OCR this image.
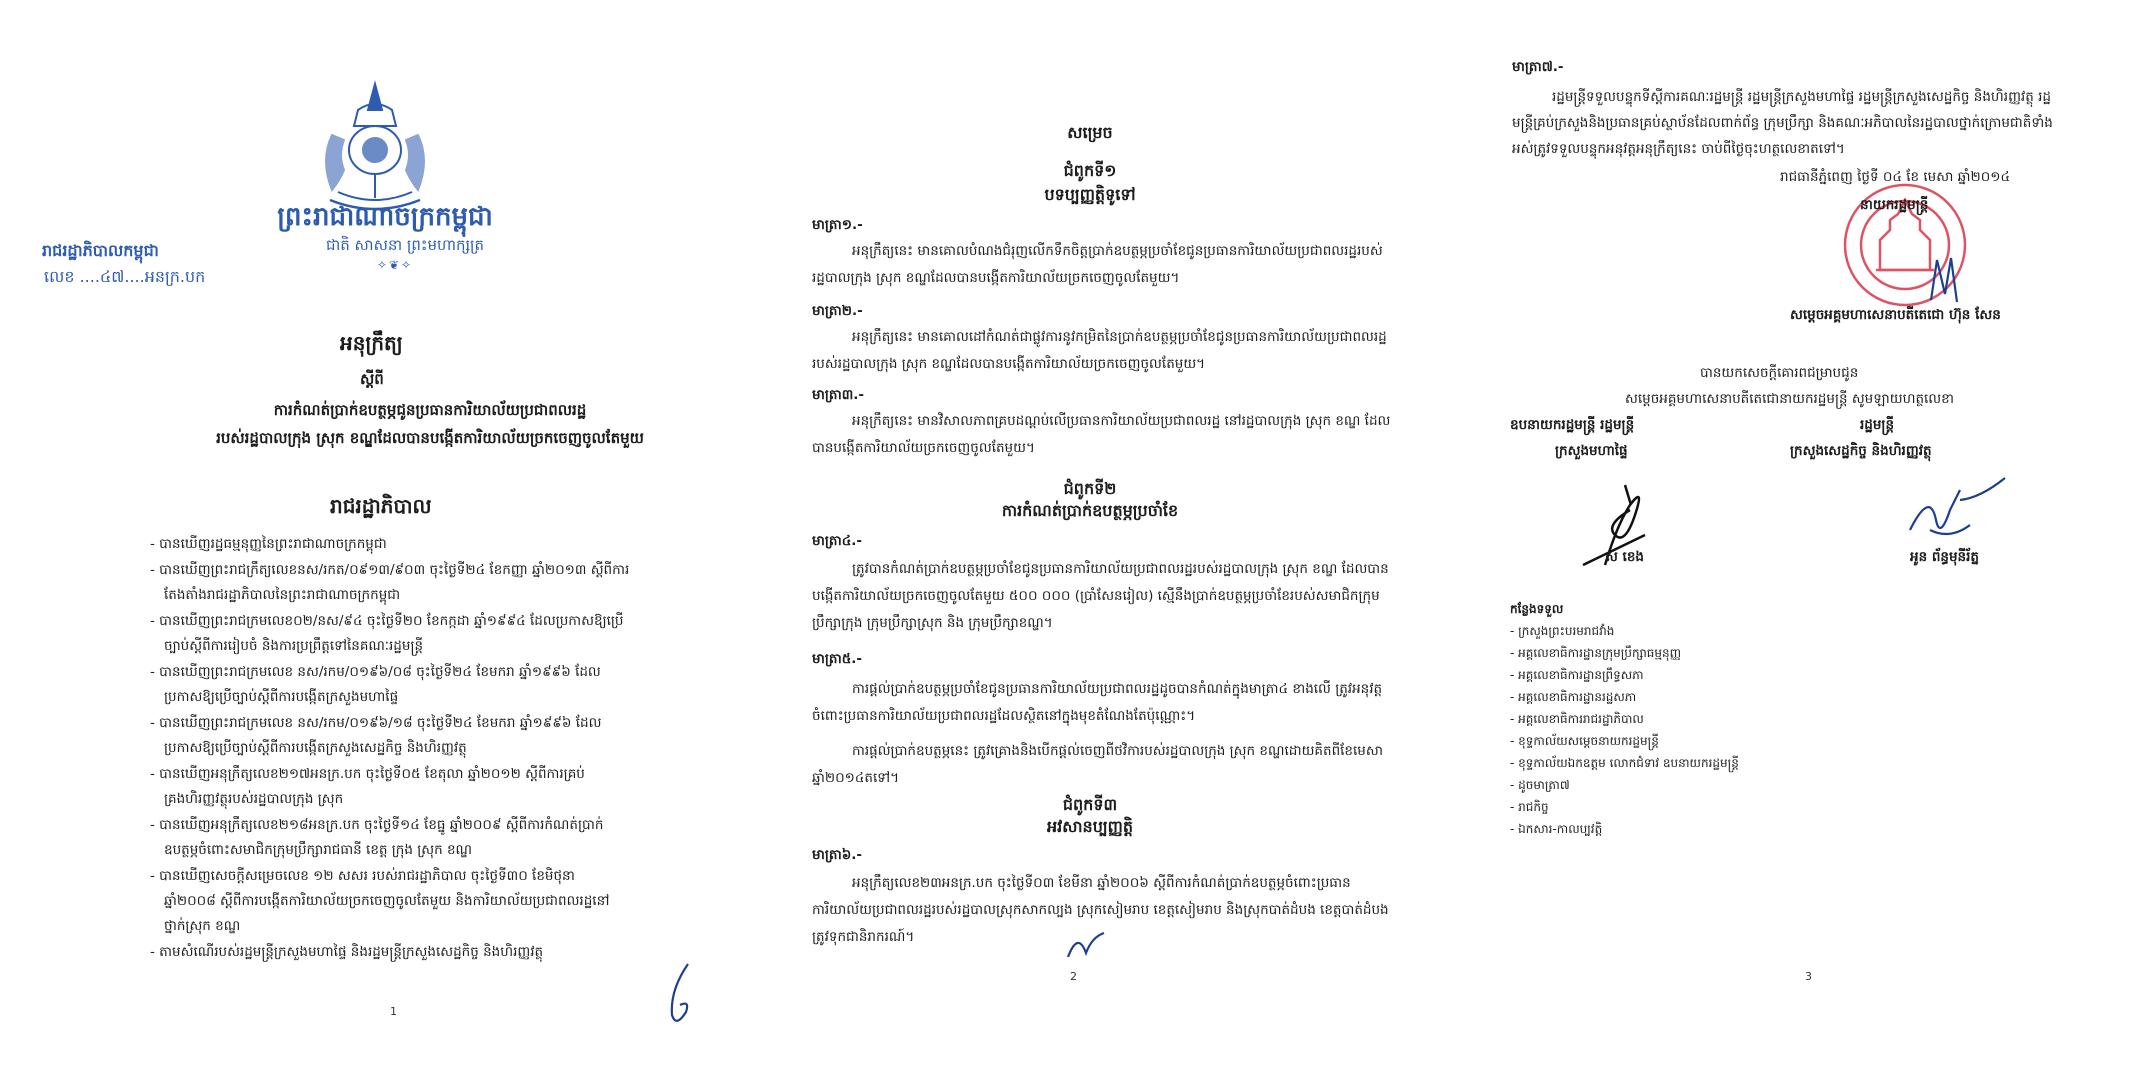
ព្រះរាជាណាចក្រកម្ពុជា
ជាតិ សាសនា ព្រះមហាក្សត្រ
✧❦✧
រាជរដ្ឋាភិបាលកម្ពុជា
លេខ ....៤៧....អនក្រ.បក
អនុក្រឹត្យ
ស្តីពី
ការកំណត់ប្រាក់ឧបត្ថម្ភជូនប្រធានការិយាល័យប្រជាពលរដ្ឋ
របស់រដ្ឋបាលក្រុង ស្រុក ខណ្ឌដែលបានបង្កើតការិយាល័យច្រកចេញចូលតែមួយ
រាជរដ្ឋាភិបាល
- បានឃើញរដ្ឋធម្មនុញ្ញនៃព្រះរាជាណាចក្រកម្ពុជា
- បានឃើញព្រះរាជក្រឹត្យលេខនស/រកត/០៩១៣/៩០៣ ចុះថ្ងៃទី២៤ ខែកញ្ញា ឆ្នាំ២០១៣ ស្តីពីការតែងតាំងរាជរដ្ឋាភិបាលនៃព្រះរាជាណាចក្រកម្ពុជា
- បានឃើញព្រះរាជក្រមលេខ០២/នស/៩៤ ចុះថ្ងៃទី២០ ខែកក្កដា ឆ្នាំ១៩៩៤ ដែលប្រកាសឱ្យប្រើច្បាប់ស្តីពីការរៀបចំ និងការប្រព្រឹត្តទៅនៃគណៈរដ្ឋមន្ត្រី
- បានឃើញព្រះរាជក្រមលេខ នស/រកម/០១៩៦/០៨ ចុះថ្ងៃទី២៤ ខែមករា ឆ្នាំ១៩៩៦ ដែលប្រកាសឱ្យប្រើច្បាប់ស្តីពីការបង្កើតក្រសួងមហាផ្ទៃ
- បានឃើញព្រះរាជក្រមលេខ នស/រកម/០១៩៦/១៨ ចុះថ្ងៃទី២៤ ខែមករា ឆ្នាំ១៩៩៦ ដែលប្រកាសឱ្យប្រើច្បាប់ស្តីពីការបង្កើតក្រសួងសេដ្ឋកិច្ច និងហិរញ្ញវត្ថុ
- បានឃើញអនុក្រឹត្យលេខ២១៧អនក្រ.បក ចុះថ្ងៃទី០៥ ខែតុលា ឆ្នាំ២០១២ ស្តីពីការគ្រប់គ្រងហិរញ្ញវត្ថុរបស់រដ្ឋបាលក្រុង ស្រុក
- បានឃើញអនុក្រឹត្យលេខ២១៨អនក្រ.បក ចុះថ្ងៃទី១៤ ខែធ្នូ ឆ្នាំ២០០៩ ស្តីពីការកំណត់ប្រាក់ឧបត្ថម្ភចំពោះសមាជិកក្រុមប្រឹក្សារាជធានី ខេត្ត ក្រុង ស្រុក ខណ្ឌ
- បានឃើញសេចក្តីសម្រេចលេខ ១២ សសរ របស់រាជរដ្ឋាភិបាល ចុះថ្ងៃទី៣០ ខែមិថុនា ឆ្នាំ២០០៨ ស្តីពីការបង្កើតការិយាល័យច្រកចេញចូលតែមួយ និងការិយាល័យប្រជាពលរដ្ឋនៅថ្នាក់ស្រុក ខណ្ឌ
- តាមសំណើរបស់រដ្ឋមន្ត្រីក្រសួងមហាផ្ទៃ និងរដ្ឋមន្ត្រីក្រសួងសេដ្ឋកិច្ច និងហិរញ្ញវត្ថុ
1
សម្រេច
ជំពូកទី១
បទប្បញ្ញត្តិទូទៅ
មាត្រា១.-
អនុក្រឹត្យនេះ មានគោលបំណងជំរុញលើកទឹកចិត្តប្រាក់ឧបត្ថម្ភប្រចាំខែជូនប្រធានការិយាល័យប្រជាពលរដ្ឋរបស់រដ្ឋបាលក្រុង ស្រុក ខណ្ឌដែលបានបង្កើតការិយាល័យច្រកចេញចូលតែមួយ។
មាត្រា២.-
អនុក្រឹត្យនេះ មានគោលដៅកំណត់ជាផ្លូវការនូវកម្រិតនៃប្រាក់ឧបត្ថម្ភប្រចាំខែជូនប្រធានការិយាល័យប្រជាពលរដ្ឋរបស់រដ្ឋបាលក្រុង ស្រុក ខណ្ឌដែលបានបង្កើតការិយាល័យច្រកចេញចូលតែមួយ។
មាត្រា៣.-
អនុក្រឹត្យនេះ មានវិសាលភាពគ្របដណ្តប់លើប្រធានការិយាល័យប្រជាពលរដ្ឋ នៅរដ្ឋបាលក្រុង ស្រុក ខណ្ឌ ដែលបានបង្កើតការិយាល័យច្រកចេញចូលតែមួយ។
ជំពូកទី២
ការកំណត់ប្រាក់ឧបត្ថម្ភប្រចាំខែ
មាត្រា៤.-
ត្រូវបានកំណត់ប្រាក់ឧបត្ថម្ភប្រចាំខែជូនប្រធានការិយាល័យប្រជាពលរដ្ឋរបស់រដ្ឋបាលក្រុង ស្រុក ខណ្ឌ ដែលបានបង្កើតការិយាល័យច្រកចេញចូលតែមួយ ៥០០ ០០០ (ប្រាំសែនរៀល) ស្មើនឹងប្រាក់ឧបត្ថម្ភប្រចាំខែរបស់សមាជិកក្រុមប្រឹក្សាក្រុង ក្រុមប្រឹក្សាស្រុក និង ក្រុមប្រឹក្សាខណ្ឌ។
មាត្រា៥.-
ការផ្តល់ប្រាក់ឧបត្ថម្ភប្រចាំខែជូនប្រធានការិយាល័យប្រជាពលរដ្ឋដូចបានកំណត់ក្នុងមាត្រា៤ ខាងលើ ត្រូវអនុវត្តចំពោះប្រធានការិយាល័យប្រជាពលរដ្ឋដែលស្ថិតនៅក្នុងមុខតំណែងតែប៉ុណ្ណោះ។
ការផ្តល់ប្រាក់ឧបត្ថម្ភនេះ ត្រូវគ្រោងនិងបើកផ្តល់ចេញពីថវិការបស់រដ្ឋបាលក្រុង ស្រុក ខណ្ឌដោយគិតពីខែមេសា ឆ្នាំ២០១៤តទៅ។
ជំពូកទី៣
អវសានប្បញ្ញត្តិ
មាត្រា៦.-
អនុក្រឹត្យលេខ២៣អនក្រ.បក ចុះថ្ងៃទី០៣ ខែមីនា ឆ្នាំ២០០៦ ស្តីពីការកំណត់ប្រាក់ឧបត្ថម្ភចំពោះប្រធានការិយាល័យប្រជាពលរដ្ឋរបស់រដ្ឋបាលស្រុកសាកល្បង ស្រុកសៀមរាប ខេត្តសៀមរាប និងស្រុកបាត់ដំបង ខេត្តបាត់ដំបង ត្រូវទុកជានិរាករណ៍។
2
មាត្រា៧.-
រដ្ឋមន្ត្រីទទួលបន្ទុកទីស្តីការគណៈរដ្ឋមន្ត្រី រដ្ឋមន្ត្រីក្រសួងមហាផ្ទៃ រដ្ឋមន្ត្រីក្រសួងសេដ្ឋកិច្ច និងហិរញ្ញវត្ថុ រដ្ឋមន្ត្រីគ្រប់ក្រសួងនិងប្រធានគ្រប់ស្ថាប័នដែលពាក់ព័ន្ធ ក្រុមប្រឹក្សា និងគណៈអភិបាលនៃរដ្ឋបាលថ្នាក់ក្រោមជាតិទាំងអស់ត្រូវទទួលបន្ទុកអនុវត្តអនុក្រឹត្យនេះ ចាប់ពីថ្ងៃចុះហត្ថលេខាតទៅ។
រាជធានីភ្នំពេញ ថ្ងៃទី ០៤ ខែ មេសា ឆ្នាំ២០១៤
នាយករដ្ឋមន្ត្រី
សម្តេចអគ្គមហាសេនាបតីតេជោ ហ៊ុន សែន
បានយកសេចក្តីគោរពជម្រាបជូន
សម្តេចអគ្គមហាសេនាបតីតេជោនាយករដ្ឋមន្ត្រី សូមឡាយហត្ថលេខា
ឧបនាយករដ្ឋមន្ត្រី រដ្ឋមន្ត្រី
ក្រសួងមហាផ្ទៃ
រដ្ឋមន្ត្រី
ក្រសួងសេដ្ឋកិច្ច និងហិរញ្ញវត្ថុ
ស ខេង	អូន ព័ន្ធមុនីរ័ត្ន
កន្លែងទទួល
- ក្រសួងព្រះបរមរាជវាំង
- អគ្គលេខាធិការដ្ឋានក្រុមប្រឹក្សាធម្មនុញ្ញ
- អគ្គលេខាធិការដ្ឋានព្រឹទ្ធសភា
- អគ្គលេខាធិការដ្ឋានរដ្ឋសភា
- អគ្គលេខាធិការរាជរដ្ឋាភិបាល
- ខុទ្ទកាល័យសម្តេចនាយករដ្ឋមន្ត្រី
- ខុទ្ទកាល័យឯកឧត្តម លោកជំទាវ ឧបនាយករដ្ឋមន្ត្រី
- ដូចមាត្រា៧
- រាជកិច្ច
- ឯកសារ-កាលប្បវត្តិ
3
